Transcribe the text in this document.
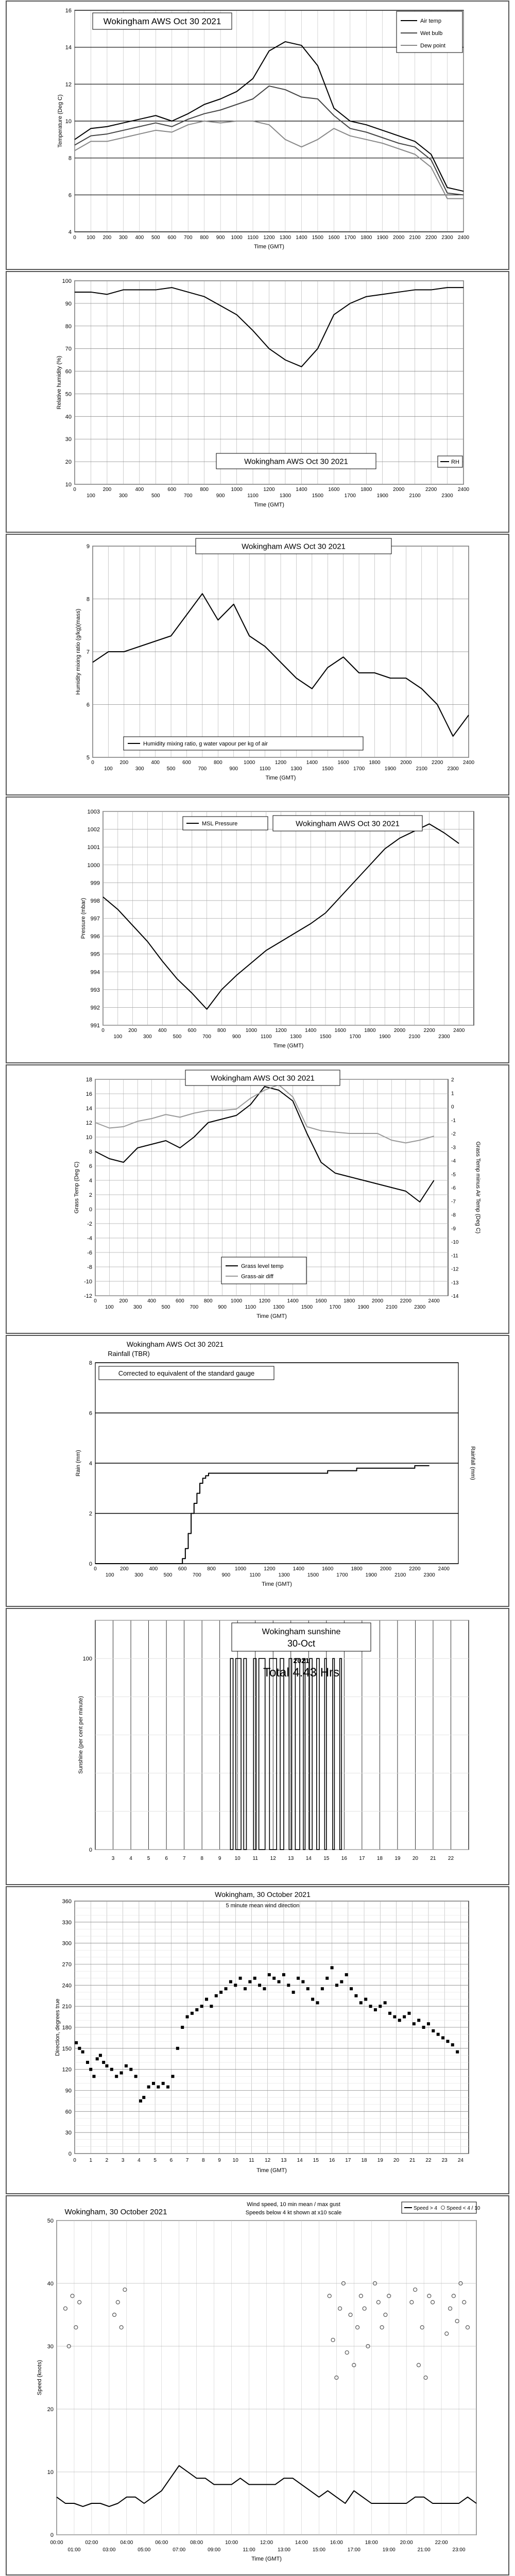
4
6
8
10
12
14
16
0 100 200 300 400 500 600 700 800 900 1000 1100 1200 1300 1400 1500 1600 1700 1800 1900 2000 2100 2200 2300 2400
Time (GMT)
Temperature (Deg C)
Wokingham AWS Oct 30 2021	Air temp
Wet bulb
Dew point
10
20
30
40
50
60
70
80
90
100
0	200	400	600	800	1000	1200	1400	1600	1800	2000	2200	2400
100	300	500	700	900	1100	1300	1500	1700	1900	2100	2300
Time (GMT)
Relative humidity (%)
Wokingham AWS Oct 30 2021	RH
5
6
7
8
9
0	200	400	600	800	1000	1200	1400	1600	1800	2000	2200	2400
100	300	500	700	900	1100	1300	1500	1700	1900	2100	2300
Time (GMT)
Humidity mixing ratio (g/kg)(mass)
Wokingham AWS Oct 30 2021
Humidity mixing ratio, g water vapour per kg of air
991
992
993
994
995
996
997
998
999
1000
1001
1002
1003
0	200	400	600	800	1000	1200	1400	1600	1800	2000	2200	2400
100	300	500	700	900	1100	1300	1500	1700	1900	2100	2300
Time (GMT)
Pressure (mbar)
Wokingham AWS Oct 30 2021
MSL Pressure
-12
-10
-8
-6
-4
-2
0
2
4
6
8
10
12
14
16
18
-14
-13
-12
-11
-10
-9
-8
-7
-6
-5
-4
-3
-2
-1
0
1
2
0	200	400	600	800	1000	1200	1400	1600	1800	2000	2200	2400
100	300	500	700	900	1100	1300	1500	1700	1900	2100	2300
Time (GMT)
Grass Temp (Deg C)	Grass Temp minus Air Temp (Deg C)
Wokingham AWS Oct 30 2021
Grass level temp
Grass-air diff
0
2
4
6
8
0	200	400	600	800	1000	1200	1400	1600	1800	2000	2200	2400
100	300	500	700	900	1100	1300	1500	1700	1900	2100	2300
Time (GMT)
Rain (mm)	Rainfall (mm)
Wokingham AWS Oct 30 2021
Rainfall (TBR)
Corrected to equivalent of the standard gauge
0
100
3	4	5	6	7	8	9	10 11 12 13 14 15 16 17 18 19 20 21 22
Sunshine (per cent per minute)
Wokingham sunshine
30-Oct
2021
Total 4.43 Hrs
0
30
60
90
120
150
180
210
240
270
300
330
360
0	1	2	3	4	5	6	7	8	9 10 11 12 13 14 15 16 17 18 19 20 21 22 23 24
Time (GMT)
Direction, degrees true
Wokingham, 30 October 2021
5 minute mean wind direction
0
10
20
30
40
50
00:00	02:00	04:00	06:00	08:00	10:00	12:00	14:00	16:00	18:00	20:00	22:00
01:00	03:00	05:00	07:00	09:00	11:00	13:00	15:00	17:00	19:00	21:00	23:00
Time (GMT)
Speed (knots)
Wokingham, 30 October 2021
Wind speed, 10 min mean / max gust
Speeds below 4 kt shown at x10 scale
Speed > 4 Speed < 4 / 10
